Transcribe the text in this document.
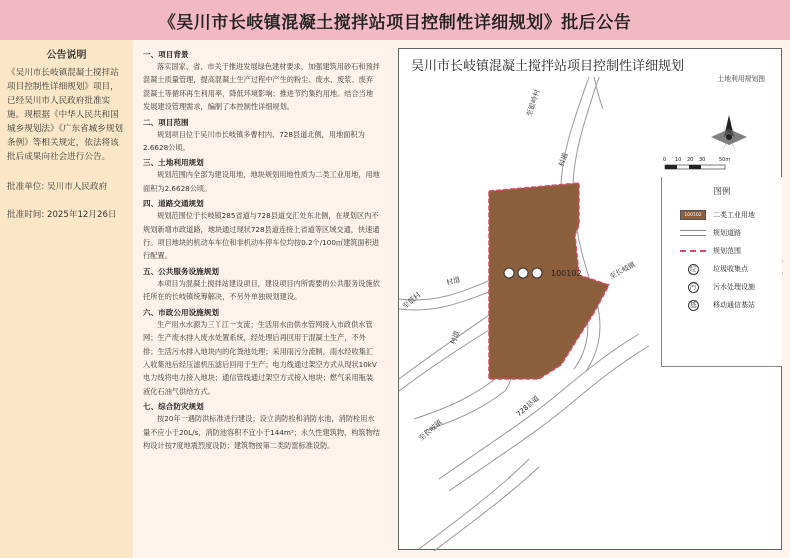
《吴川市长岐镇混凝土搅拌站项目控制性详细规划》批后公告
公告说明

《吴川市长岐镇混凝土搅拌站项目控制性详细规划》项目，已经吴川市人民政府批准实施。现根据《中华人民共和国城乡规划法》《广东省城乡规划条例》等相关规定，依法将该批后成果向社会进行公告。

批准单位: 吴川市人民政府

批准时间: 2025年12月26日

一、项目背景
落实国家、省、市关于推进发展绿色建材要求，加强建筑用砂石和预拌混凝土质量管理，提高混凝土生产过程中产生的粉尘、废水、废浆、废弃混凝土等循环再生利用率，降低环境影响；推进节约集约用地。结合当地发展建设管理需求，编制了本控制性详细规划。
二、项目范围
规划项目位于吴川市长岐镇多曹村内、728县道北侧，用地面积为2.6628公顷。
三、土地利用规划
规划范围内全部为建设用地，地块规划用地性质为二类工业用地，用地面积为2.6628公顷。
四、道路交通规划
规划范围位于长岐镇285省道与728县道交汇处东北侧，在规划区内不规划新增市政道路，地块通过现状728县道连接上省道等区域交通，快速通行。项目地块的机动车车位和非机动车停车位均按0.2个/100㎡建筑面积进行配置。
五、公共服务设施规划
本项目为混凝土搅拌站建设项目，建设项目内所需要的公共服务设施依托所在的长岐镇统筹解决，不另外单独规划建设。
六、市政公用设施规划
生产用水水源为三丫江一支流；生活用水由供水管网接入市政供水管网；生产废水排入废水处置系统，经处理后再回用于混凝土生产，不外排；生活污水排入地块内的化粪池处理；采用雨污分流制，雨水经收集汇入收集池后经压滤机压滤后回用于生产；电力线通过架空方式从现状10kV电力线将电力接入地块；通信管线通过架空方式接入地块；燃气采用瓶装液化石油气供给方式。
七、综合防灾规划
按20年一遇防洪标准进行建设；设立消防栓和消防水池，消防栓用水量不应小于20L/s，消防池容积不宜小于144m³；永久性建筑物、构筑物结构设计按7度地震烈度设防；建筑物按第二类防雷标准设防。
100102
至银岭村
村道
至长岐镇
村道
至低村
村道
728县道
至长岐镇
0 10 20 30	50m
吴川市长岐镇混凝土搅拌站项目控制性详细规划
土地利用规划图
图例
100102	二类工业用地
规划道路
规划范围
垃 垃圾收集点
污 污水处理设施
基 移动通信基站
